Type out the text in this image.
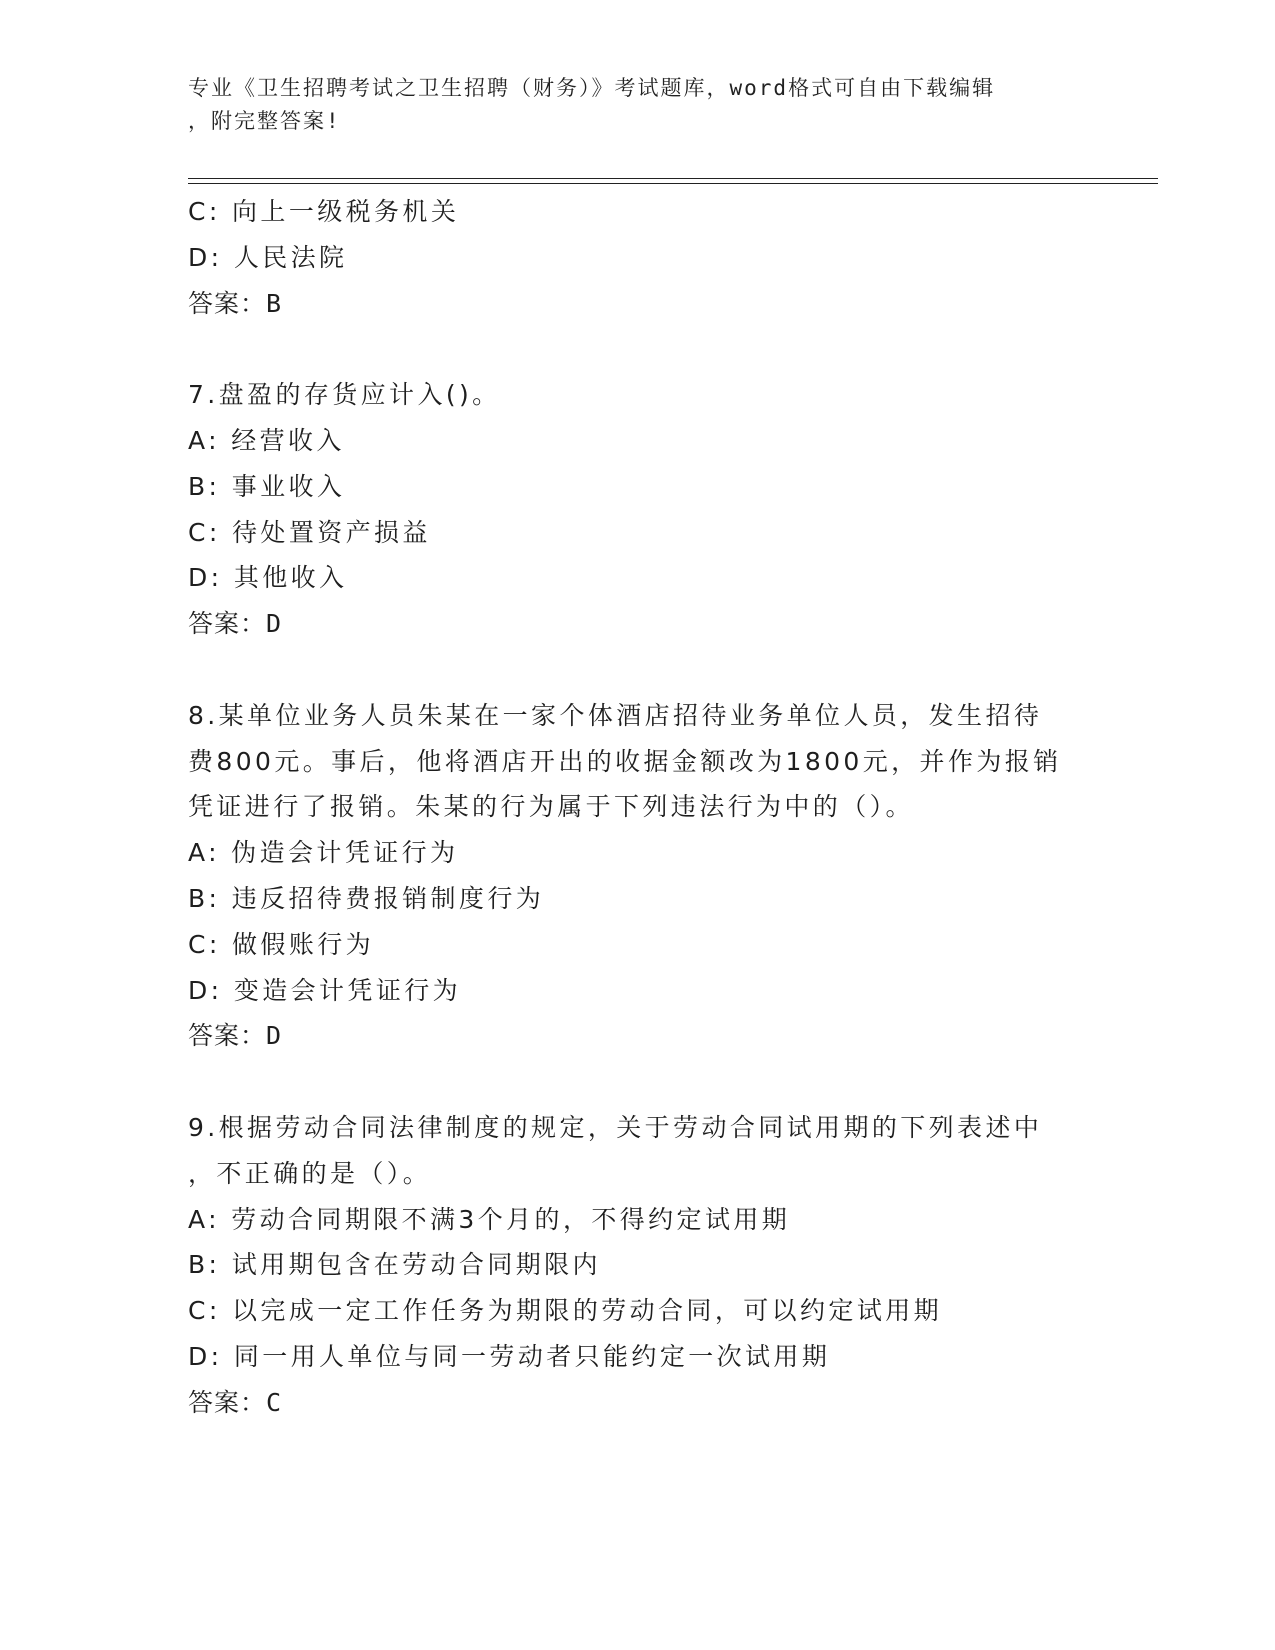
专业《卫生招聘考试之卫生招聘（财务）》考试题库，word格式可自由下载编辑
，附完整答案!
C: 向上一级税务机关
D: 人民法院
答案：B
7.盘盈的存货应计入()。
A: 经营收入
B: 事业收入
C: 待处置资产损益
D: 其他收入
答案：D
8.某单位业务人员朱某在一家个体酒店招待业务单位人员，发生招待
费800元。事后，他将酒店开出的收据金额改为1800元，并作为报销
凭证进行了报销。朱某的行为属于下列违法行为中的（）。
A: 伪造会计凭证行为
B: 违反招待费报销制度行为
C: 做假账行为
D: 变造会计凭证行为
答案：D
9.根据劳动合同法律制度的规定，关于劳动合同试用期的下列表述中
，不正确的是（）。
A: 劳动合同期限不满3个月的，不得约定试用期
B: 试用期包含在劳动合同期限内
C: 以完成一定工作任务为期限的劳动合同，可以约定试用期
D: 同一用人单位与同一劳动者只能约定一次试用期
答案：C
